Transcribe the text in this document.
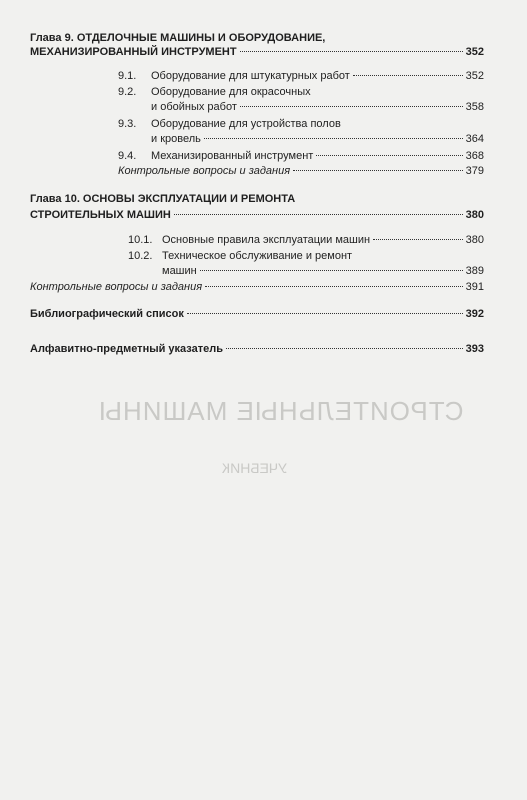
СТРОИТЕЛЬНЫЕ МАШИНЫ
УЧЕБНИК
Глава 9. ОТДЕЛОЧНЫЕ МАШИНЫ И ОБОРУДОВАНИЕ,
МЕХАНИЗИРОВАННЫЙ ИНСТРУМЕНТ	352
9.1.	Оборудование для штукатурных работ	352
9.2. Оборудование для окрасочных
и обойных работ	358
9.3. Оборудование для устройства полов
и кровель	364
9.4.	Механизированный инструмент	368
Контрольные вопросы и задания	379
Глава 10. ОСНОВЫ ЭКСПЛУАТАЦИИ И РЕМОНТА
СТРОИТЕЛЬНЫХ МАШИН	380
10.1. Основные правила эксплуатации машин	380
10.2. Техническое обслуживание и ремонт
машин	389
Контрольные вопросы и задания	391
Библиографический список	392
Алфавитно-предметный указатель	393
